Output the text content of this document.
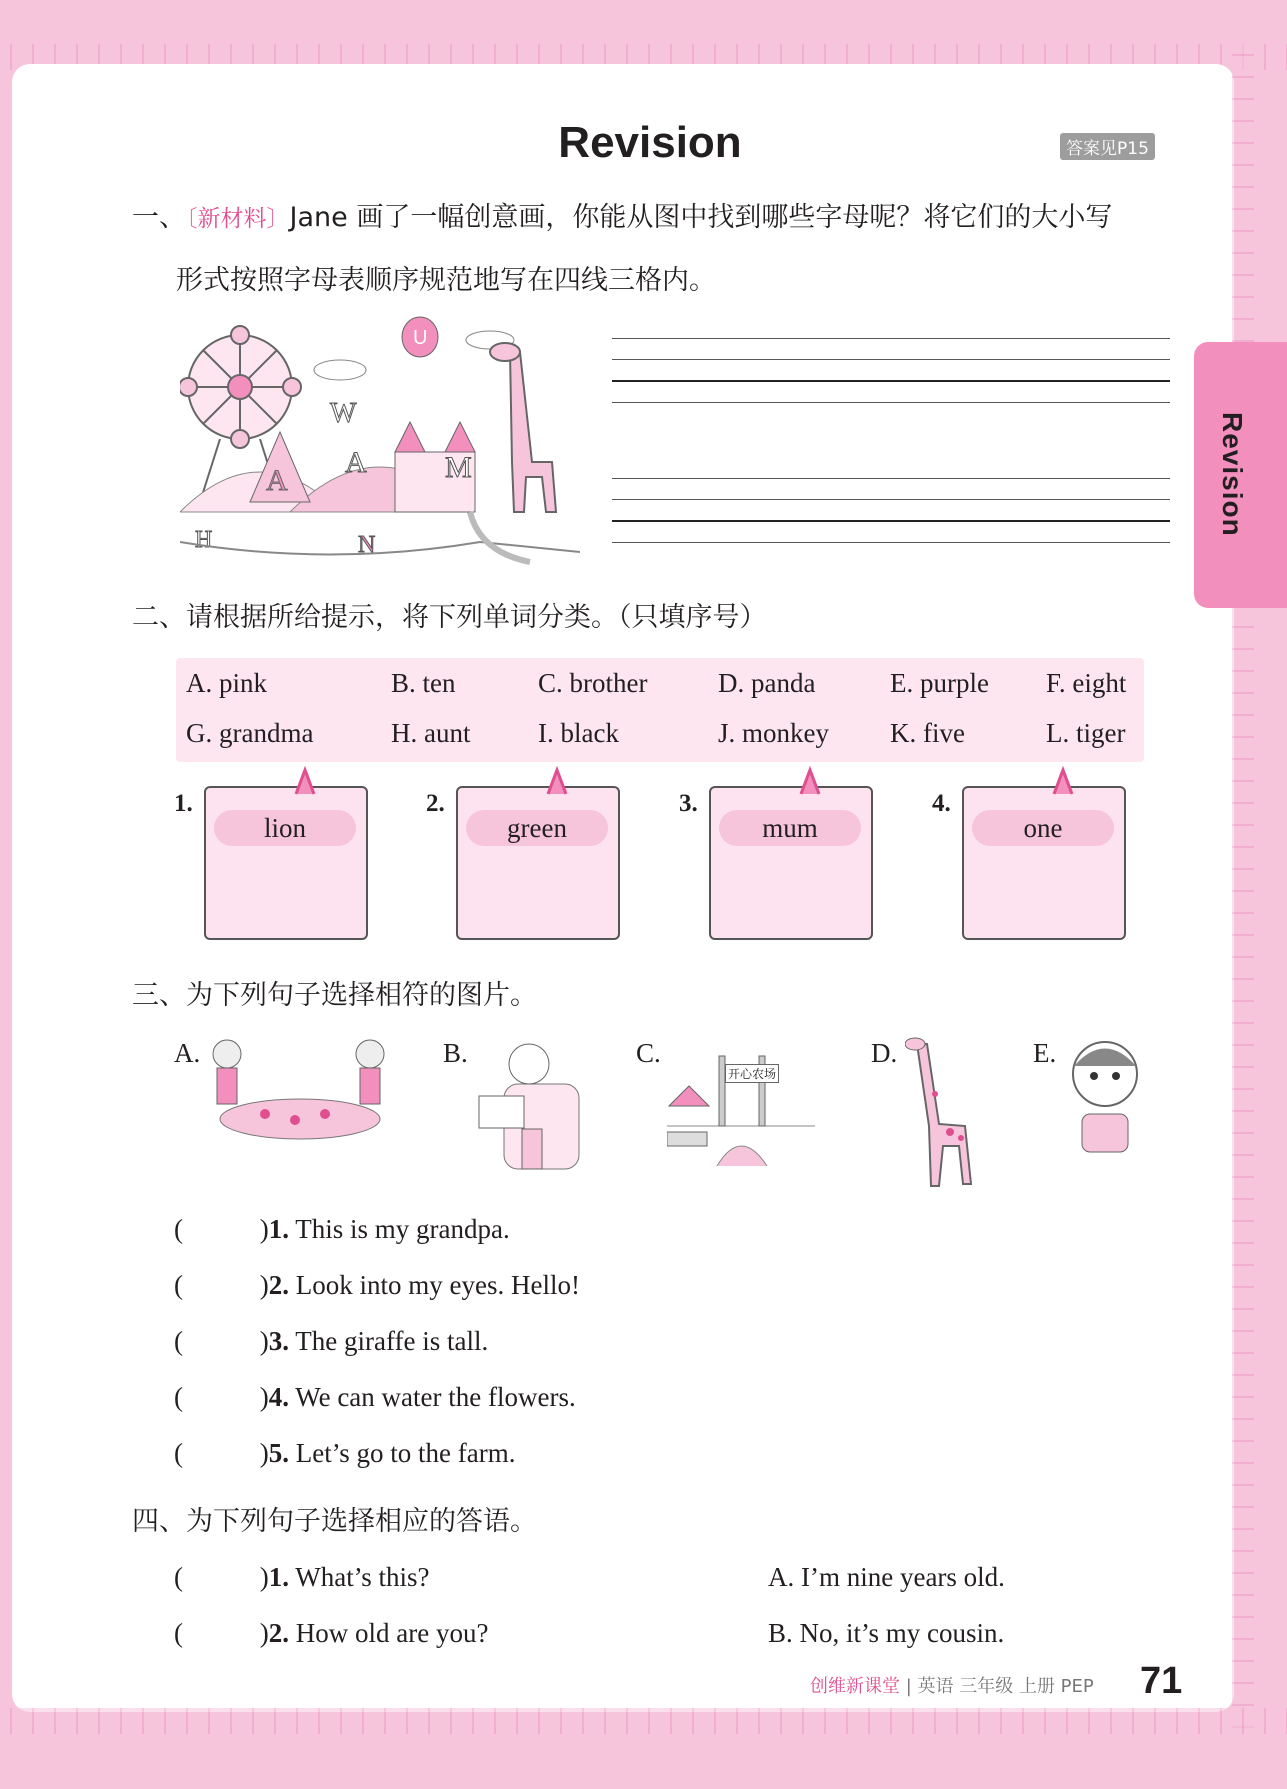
Revision
Revision	答案见P15
一、〔新材料〕Jane 画了一幅创意画，你能从图中找到哪些字母呢？将它们的大小写
形式按照字母表顺序规范地写在四线三格内。
U
A
W
A	M
H	N
二、请根据所给提示，将下列单词分类。（只填序号）
A. pink	B. ten	C. brother	D. panda	E. purple F. eight
G. grandma	H. aunt	I. black	J. monkey K. five	L. tiger
1.
lion
2.
green
3.
mum
4.
one
三、为下列句子选择相符的图片。
A.	B.	C.
开心农场
D.	E.
(	)1. This is my grandpa.
(	)2. Look into my eyes. Hello!
(	)3. The giraffe is tall.
(	)4. We can water the flowers.
(	)5. Let’s go to the farm.
四、为下列句子选择相应的答语。
(	)1. What’s this?	A. I’m nine years old.
(	)2. How old are you?	B. No, it’s my cousin.
创维新课堂 | 英语 三年级 上册 PEP 71
